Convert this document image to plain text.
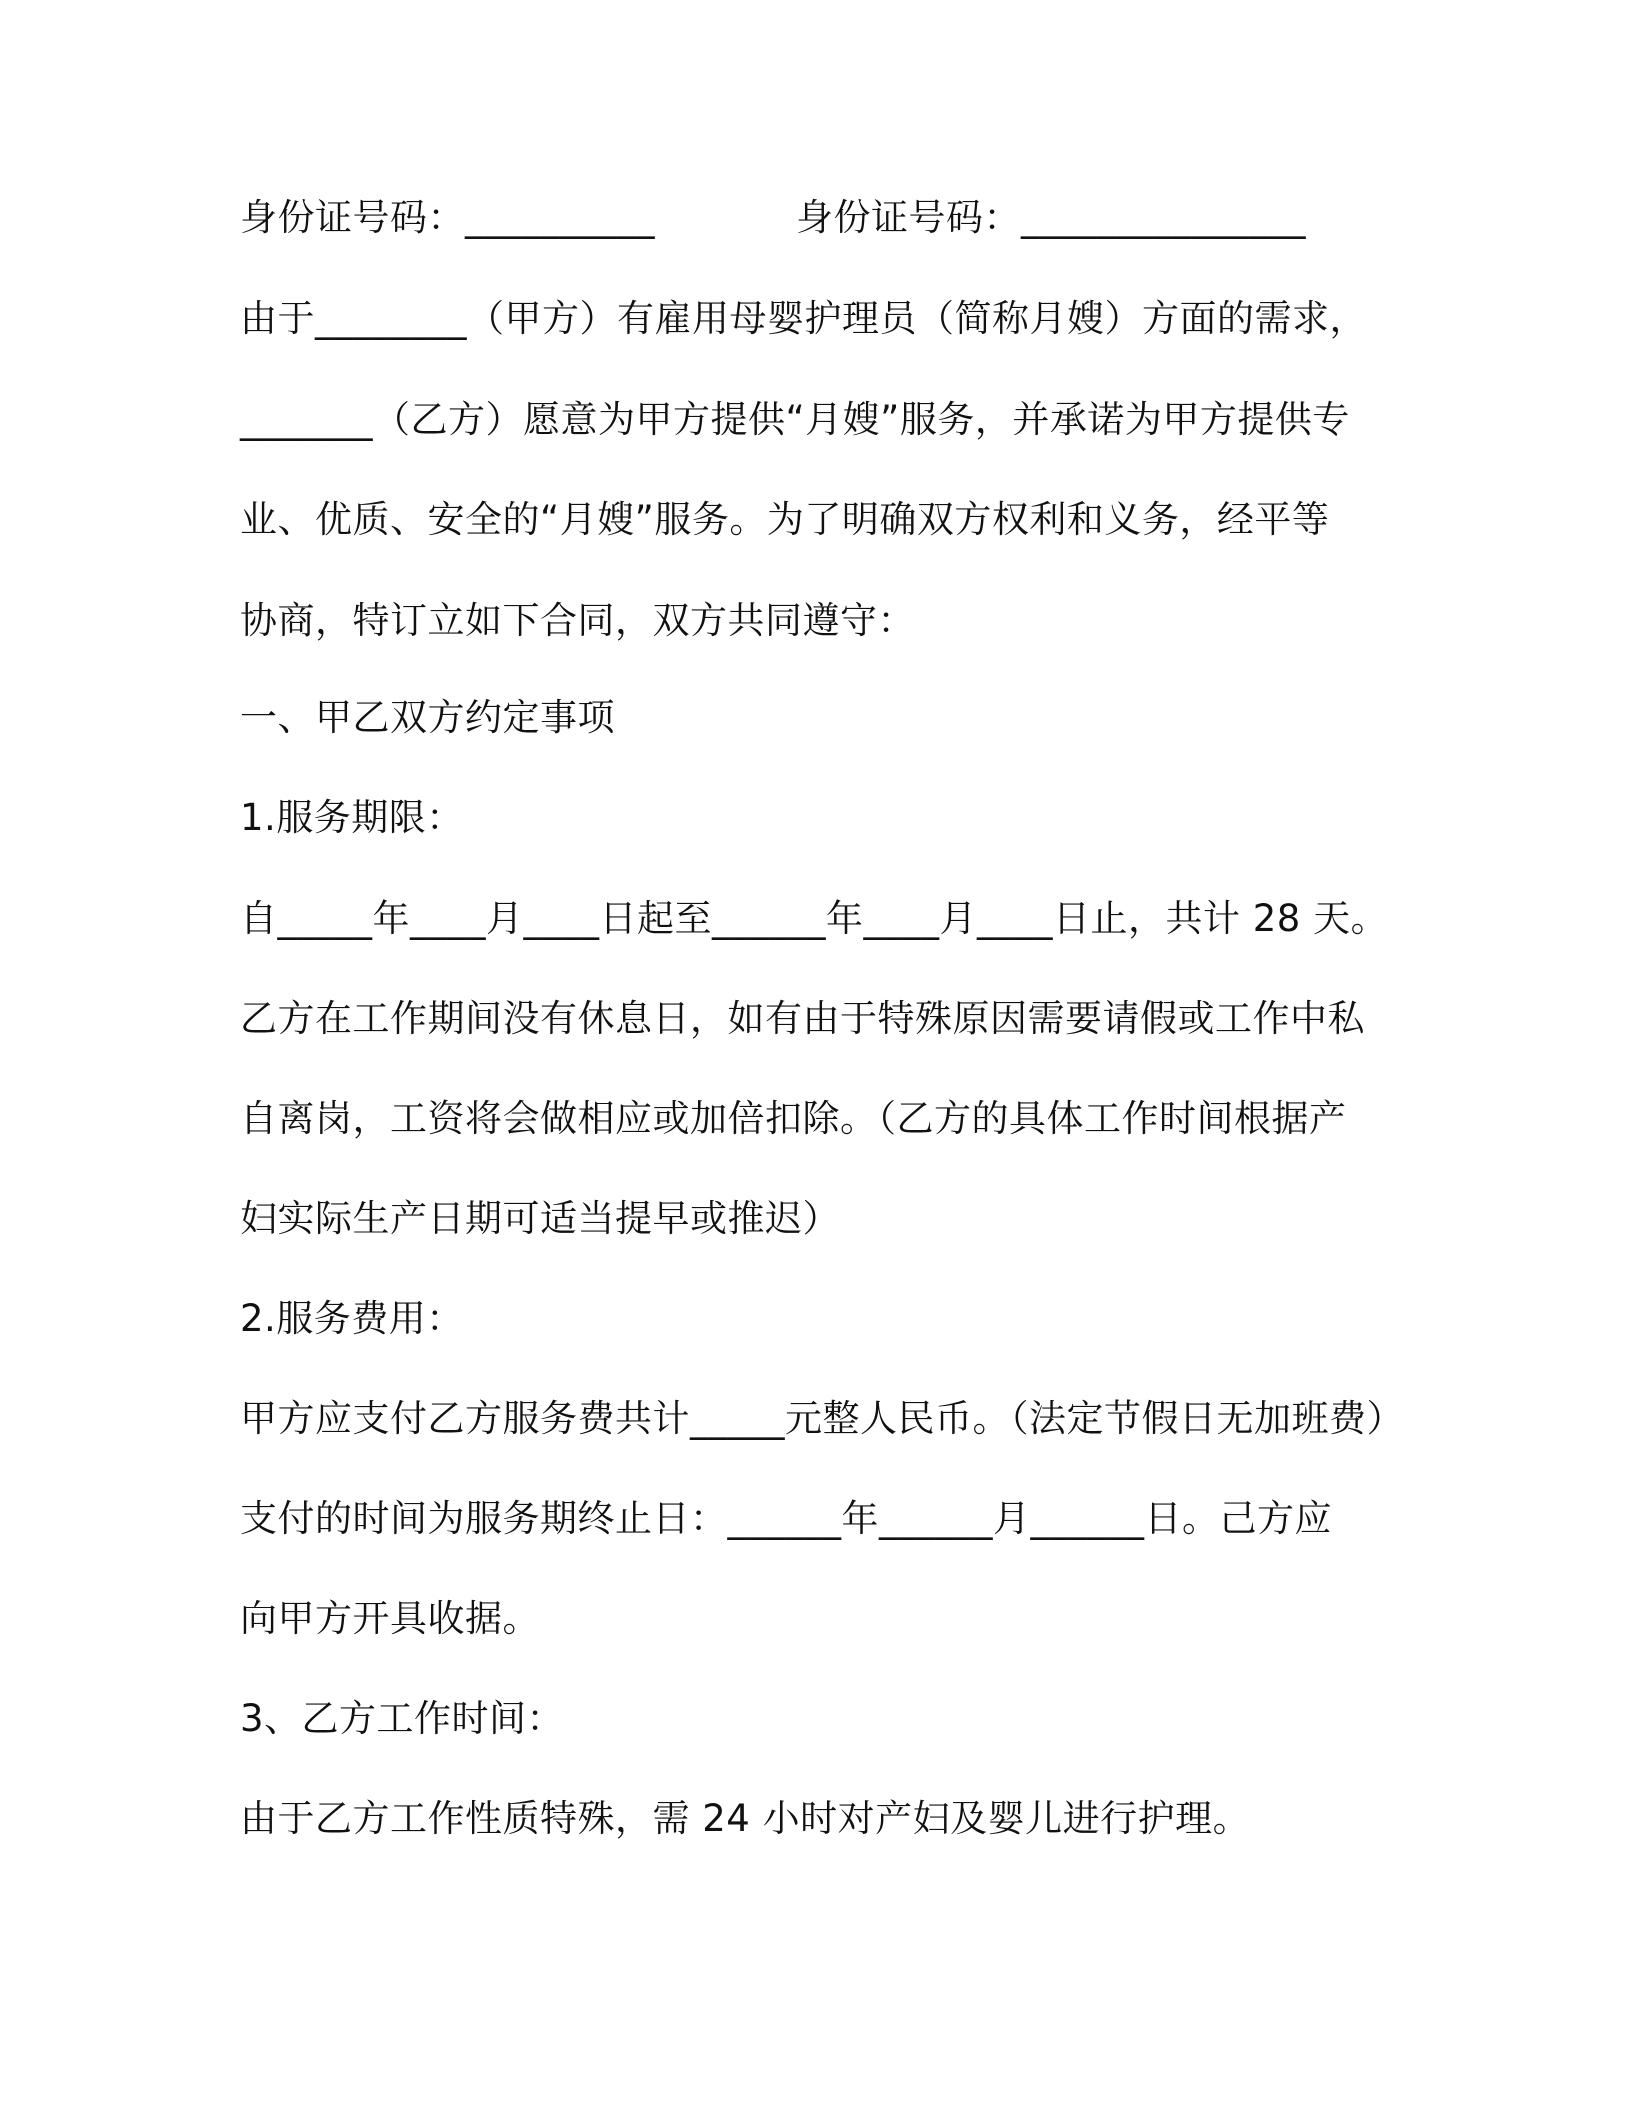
身份证号码：__________	身份证号码：_______________
由于________（甲方）有雇用母婴护理员（简称月嫂）方面的需求，
_______（乙方）愿意为甲方提供“月嫂”服务，并承诺为甲方提供专
业、优质、安全的“月嫂”服务。为了明确双方权利和义务，经平等
协商，特订立如下合同，双方共同遵守：
一、甲乙双方约定事项
1.服务期限：
自_____年____月____日起至______年____月____日止，共计 28 天。
乙方在工作期间没有休息日，如有由于特殊原因需要请假或工作中私
自离岗，工资将会做相应或加倍扣除。（乙方的具体工作时间根据产
妇实际生产日期可适当提早或推迟）
2.服务费用：
甲方应支付乙方服务费共计_____元整人民币。（法定节假日无加班费）
支付的时间为服务期终止日：______年______月______日。己方应
向甲方开具收据。
3、乙方工作时间：
由于乙方工作性质特殊，需 24 小时对产妇及婴儿进行护理。
